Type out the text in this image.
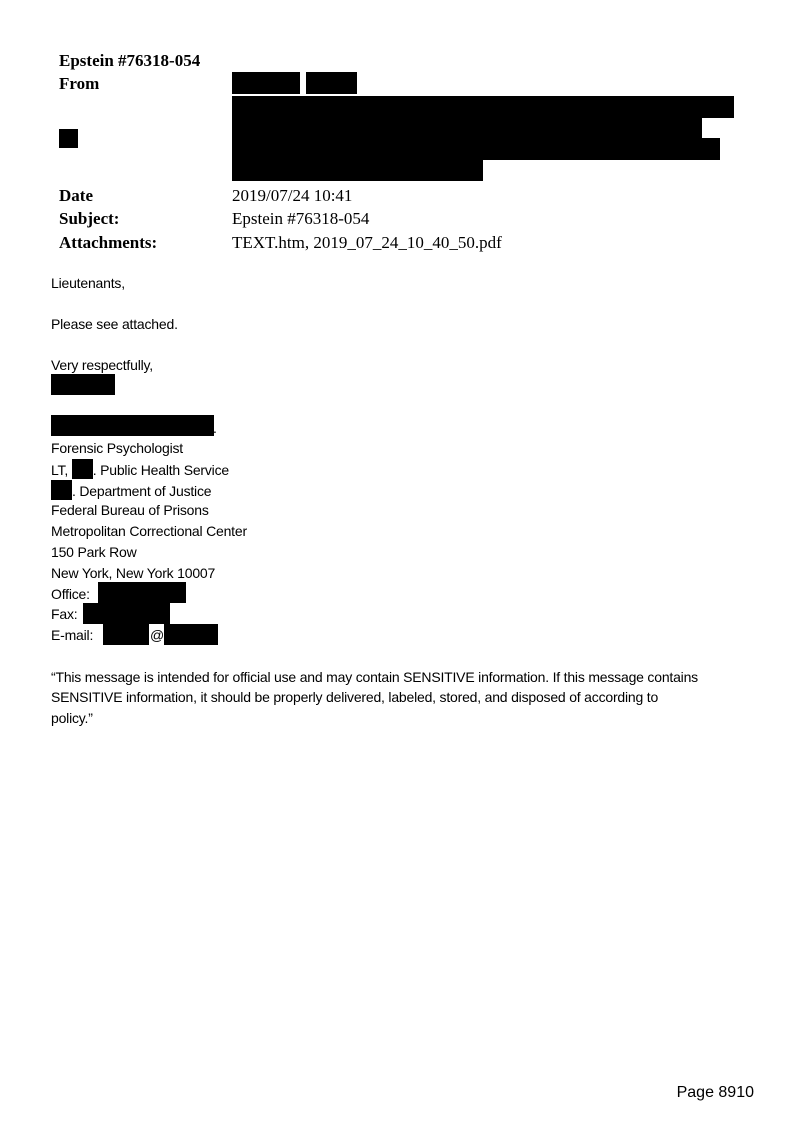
Epstein #76318-054
From
Date	2019/07/24 10:41
Subject:	Epstein #76318-054
Attachments:	TEXT.htm, 2019_07_24_10_40_50.pdf
Lieutenants,
Please see attached.
Very respectfully,
.
Forensic Psychologist
LT, . Public Health Service
. Department of Justice
Federal Bureau of Prisons
Metropolitan Correctional Center
150 Park Row
New York, New York 10007
Office:
Fax:
E-mail:	@
“This message is intended for official use and may contain SENSITIVE information. If this message contains
SENSITIVE information, it should be properly delivered, labeled, stored, and disposed of according to
policy.”
Page 8910
